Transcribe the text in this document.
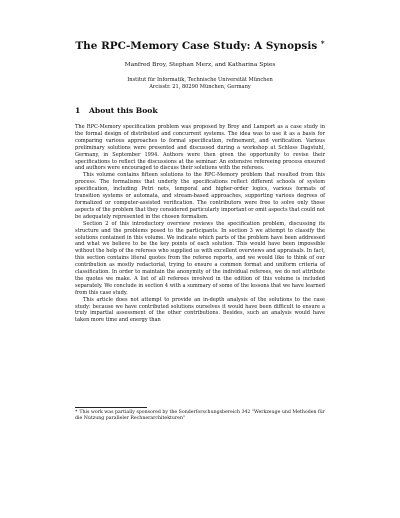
The RPC-Memory Case Study: A Synopsis *
Manfred Broy, Stephan Merz, and Katharina Spies
Institut für Informatik, Technische Universität München
Arcisstr. 21, 80290 München, Germany
1 About this Book

The RPC-Memory specification problem was proposed by Broy and Lamport as a case study in the formal design of distributed and concurrent systems. The idea was to use it as a basis for comparing various approaches to formal specification, refinement, and verification. Various preliminary solutions were presented and discussed during a workshop at Schloss Dagstuhl, Germany, in September 1994. Authors were then given the opportunity to revise their specifications to reflect the discussions at the seminar. An extensive refereeing process ensured and authors were encouraged to discuss their solutions with the referees.

This volume contains fifteen solutions to the RPC-Memory problem that resulted from this process. The formalisms that underly the specifications reflect different schools of system specification, including Petri nets, temporal and higher-order logics, various formats of transition systems or automata, and stream-based approaches, supporting various degrees of formalized or computer-assisted verification. The contributors were free to solve only those aspects of the problem that they considered particularly important or omit aspects that could not be adequately represented in the chosen formalism.

Section 2 of this introductory overview reviews the specification problem, discussing its structure and the problems posed to the participants. In section 3 we attempt to classify the solutions contained in this volume. We indicate which parts of the problem have been addressed and what we believe to be the key points of each solution. This would have been impossible without the help of the referees who supplied us with excellent overviews and appraisals. In fact, this section contains literal quotes from the referee reports, and we would like to think of our contribution as mostly redactorial, trying to ensure a common format and uniform criteria of classification. In order to maintain the anonymity of the individual referees, we do not attribute the quotes we make. A list of all referees involved in the edition of this volume is included separately. We conclude in section 4 with a summary of some of the lessons that we have learned from this case study.

This article does not attempt to provide an in-depth analysis of the solutions to the case study: because we have contributed solutions ourselves it would have been difficult to ensure a truly impartial assessment of the other contributions. Besides, such an analysis would have taken more time and energy than

* This work was partially sponsored by the Sonderforschungsbereich 342 "Werkzeuge und Methoden für die Nutzung paralleler Rechnerarchitekturen"
